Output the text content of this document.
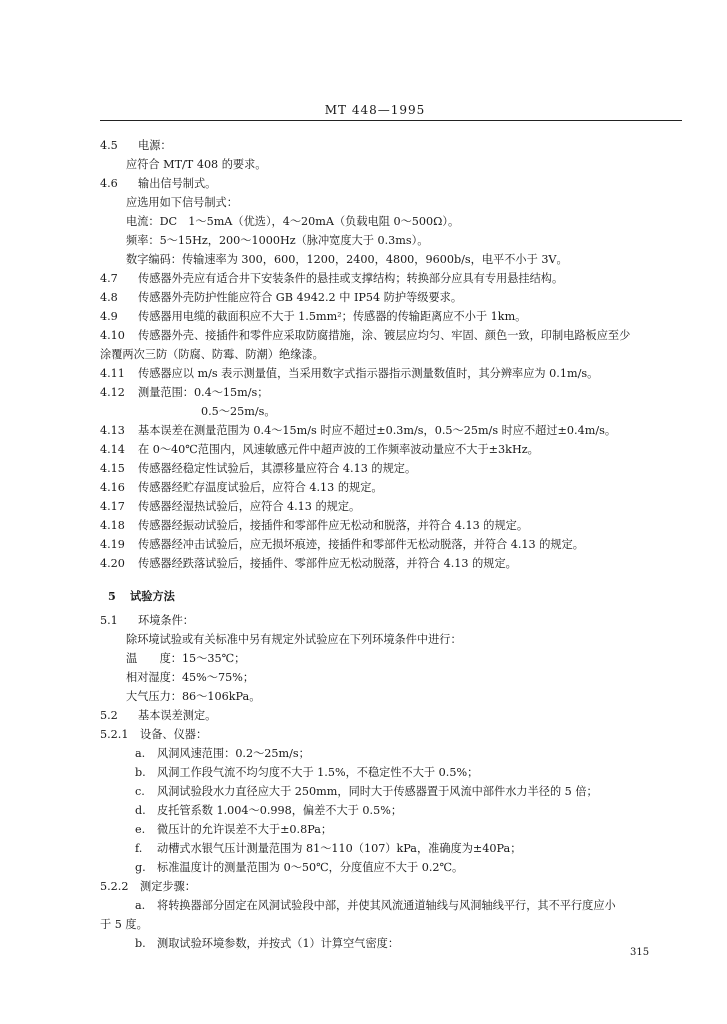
MT 448—1995
4.5 电源：
应符合 MT/T 408 的要求。
4.6 输出信号制式。
应选用如下信号制式：
电流：DC　1～5mA（优选），4～20mA（负载电阻 0～500Ω）。
频率：5～15Hz，200～1000Hz（脉冲宽度大于 0.3ms）。
数字编码：传输速率为 300，600，1200，2400，4800，9600b/s，电平不小于 3V。
4.7 传感器外壳应有适合井下安装条件的悬挂或支撑结构；转换部分应具有专用悬挂结构。
4.8 传感器外壳防护性能应符合 GB 4942.2 中 IP54 防护等级要求。
4.9 传感器用电缆的截面积应不大于 1.5mm²；传感器的传输距离应不小于 1km。
4.10 传感器外壳、接插件和零件应采取防腐措施，涂、镀层应均匀、牢固、颜色一致，印制电路板应至少
涂覆两次三防（防腐、防霉、防潮）绝缘漆。
4.11 传感器应以 m/s 表示测量值，当采用数字式指示器指示测量数值时，其分辨率应为 0.1m/s。
4.12 测量范围：0.4～15m/s；
0.5～25m/s。
4.13 基本误差在测量范围为 0.4～15m/s 时应不超过±0.3m/s，0.5～25m/s 时应不超过±0.4m/s。
4.14 在 0～40℃范围内，风速敏感元件中超声波的工作频率波动量应不大于±3kHz。
4.15 传感器经稳定性试验后，其漂移量应符合 4.13 的规定。
4.16 传感器经贮存温度试验后，应符合 4.13 的规定。
4.17 传感器经湿热试验后，应符合 4.13 的规定。
4.18 传感器经振动试验后，接插件和零部件应无松动和脱落，并符合 4.13 的规定。
4.19 传感器经冲击试验后，应无损坏痕迹，接插件和零部件无松动脱落，并符合 4.13 的规定。
4.20 传感器经跌落试验后，接插件、零部件应无松动脱落，并符合 4.13 的规定。
5 试验方法
5.1 环境条件：
除环境试验或有关标准中另有规定外试验应在下列环境条件中进行：
温　　度：15～35℃；
相对湿度：45%～75%；
大气压力：86～106kPa。
5.2 基本误差测定。
5.2.1 设备、仪器：
a. 风洞风速范围：0.2～25m/s；
b. 风洞工作段气流不均匀度不大于 1.5%，不稳定性不大于 0.5%；
c. 风洞试验段水力直径应大于 250mm，同时大于传感器置于风流中部件水力半径的 5 倍；
d. 皮托管系数 1.004～0.998，偏差不大于 0.5%；
e. 微压计的允许误差不大于±0.8Pa；
f. 动槽式水银气压计测量范围为 81～110（107）kPa，准确度为±40Pa；
g. 标准温度计的测量范围为 0～50℃，分度值应不大于 0.2℃。
5.2.2 测定步骤：
a. 将转换器部分固定在风洞试验段中部，并使其风流通道轴线与风洞轴线平行，其不平行度应小
于 5 度。
b. 测取试验环境参数，并按式（1）计算空气密度：
315
